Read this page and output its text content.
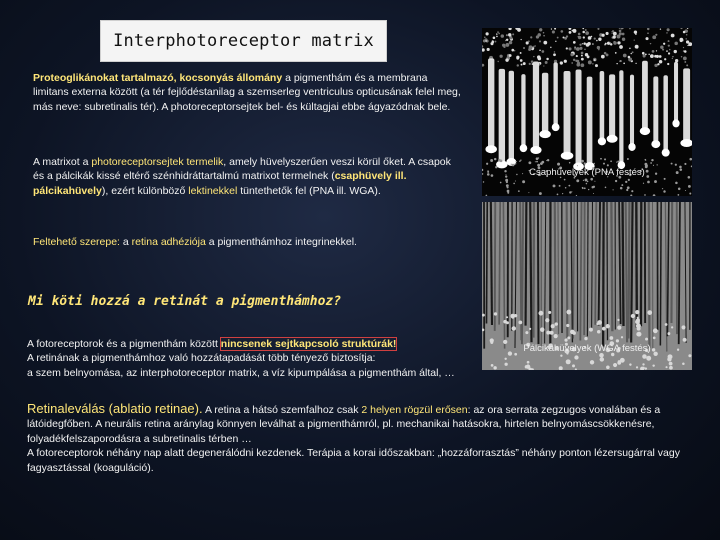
Interphotoreceptor matrix
Proteoglikánokat tartalmazó, kocsonyás állomány a pigmenthám és a membrana limitans externa között (a tér fejlődéstanilag a szemserleg ventriculus opticusának felel meg, más neve: subretinalis tér). A photoreceptorsejtek bel- és kültagjai ebbe ágyazódnak bele.
A matrixot a photoreceptorsejtek termelik, amely hüvelyszerűen veszi körül őket. A csapok és a pálcikák kissé eltérő szénhidráttartalmú matrixot termelnek (csaphüvely ill. pálcikahüvely), ezért különböző lektinekkel tüntethetők fel (PNA ill. WGA).
Feltehető szerepe: a retina adhéziója a pigmenthámhoz integrinekkel.
Mi köti hozzá a retinát a pigmenthámhoz?
A fotoreceptorok és a pigmenthám között nincsenek sejtkapcsoló struktúrák!
A retinának a pigmenthámhoz való hozzátapadását több tényező biztosítja:
a szem belnyomása, az interphotoreceptor matrix, a víz kipumpálása a pigmenthám által, …
Retinaleválás (ablatio retinae). A retina a hátsó szemfalhoz csak 2 helyen rögzül erősen: az ora serrata zegzugos vonalában és a látóidegfőben. A neurális retina aránylag könnyen leválhat a pigmenthámról, pl. mechanikai hatásokra, hirtelen belnyomáscsökkenésre, folyadékfelszaporodásra a subretinalis térben …
A fotoreceptorok néhány nap alatt degenerálódni kezdenek. Terápia a korai időszakban: „hozzáforrasztás” néhány ponton lézersugárral vagy fagyasztással (koaguláció).
Csaphüvelyek (PNA festés)
Pálcikahüvelyek (WGA festés)
